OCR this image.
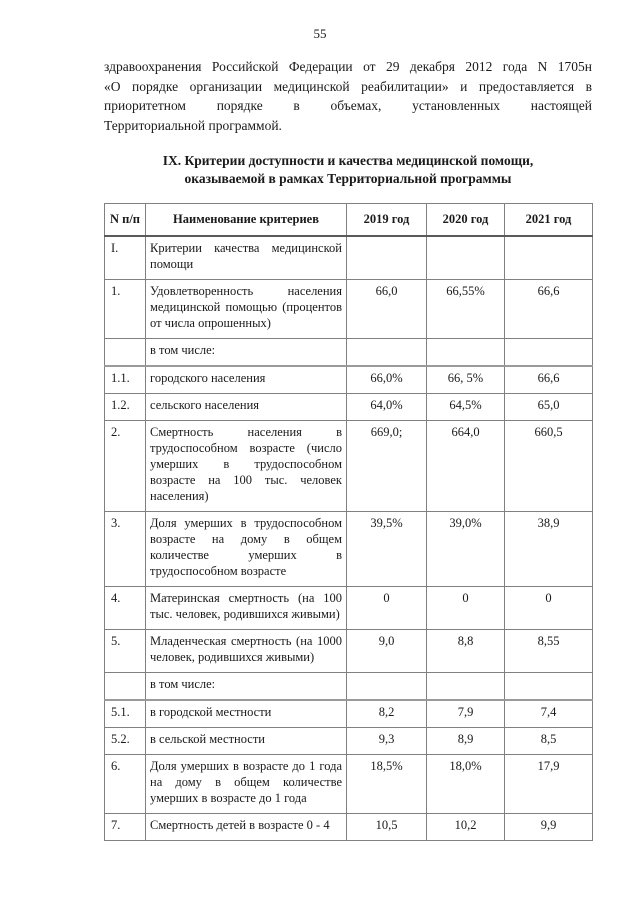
55
здравоохранения Российской Федерации от 29 декабря 2012 года N 1705н
«О порядке организации медицинской реабилитации» и предоставляется в
приоритетном порядке в объемах, установленных настоящей
Территориальной программой.
IX. Критерии доступности и качества медицинской помощи,
оказываемой в рамках Территориальной программы
N п/п	Наименование критериев	2019 год	2020 год	2021 год
I.	Критерии качества медицинской помощи			
1.	Удовлетворенность населения медицинской помощью (процентов от числа опрошенных)	66,0	66,55%	66,6
	в том числе:			
1.1.	городского населения	66,0%	66, 5%	66,6
1.2.	сельского населения	64,0%	64,5%	65,0
2.	Смертность населения в трудоспособном возрасте (число умерших в трудоспособном возрасте на 100 тыс. человек населения)	669,0;	664,0	660,5
3.	Доля умерших в трудоспособном возрасте на дому в общем количестве умерших в трудоспособном возрасте	39,5%	39,0%	38,9
4.	Материнская смертность (на 100 тыс. человек, родившихся живыми)	0	0	0
5.	Младенческая смертность (на 1000 человек, родившихся живыми)	9,0	8,8	8,55
	в том числе:			
5.1.	в городской местности	8,2	7,9	7,4
5.2.	в сельской местности	9,3	8,9	8,5
6.	Доля умерших в возрасте до 1 года на дому в общем количестве умерших в возрасте до 1 года	18,5%	18,0%	17,9
7.	Смертность детей в возрасте 0 - 4	10,5	10,2	9,9
